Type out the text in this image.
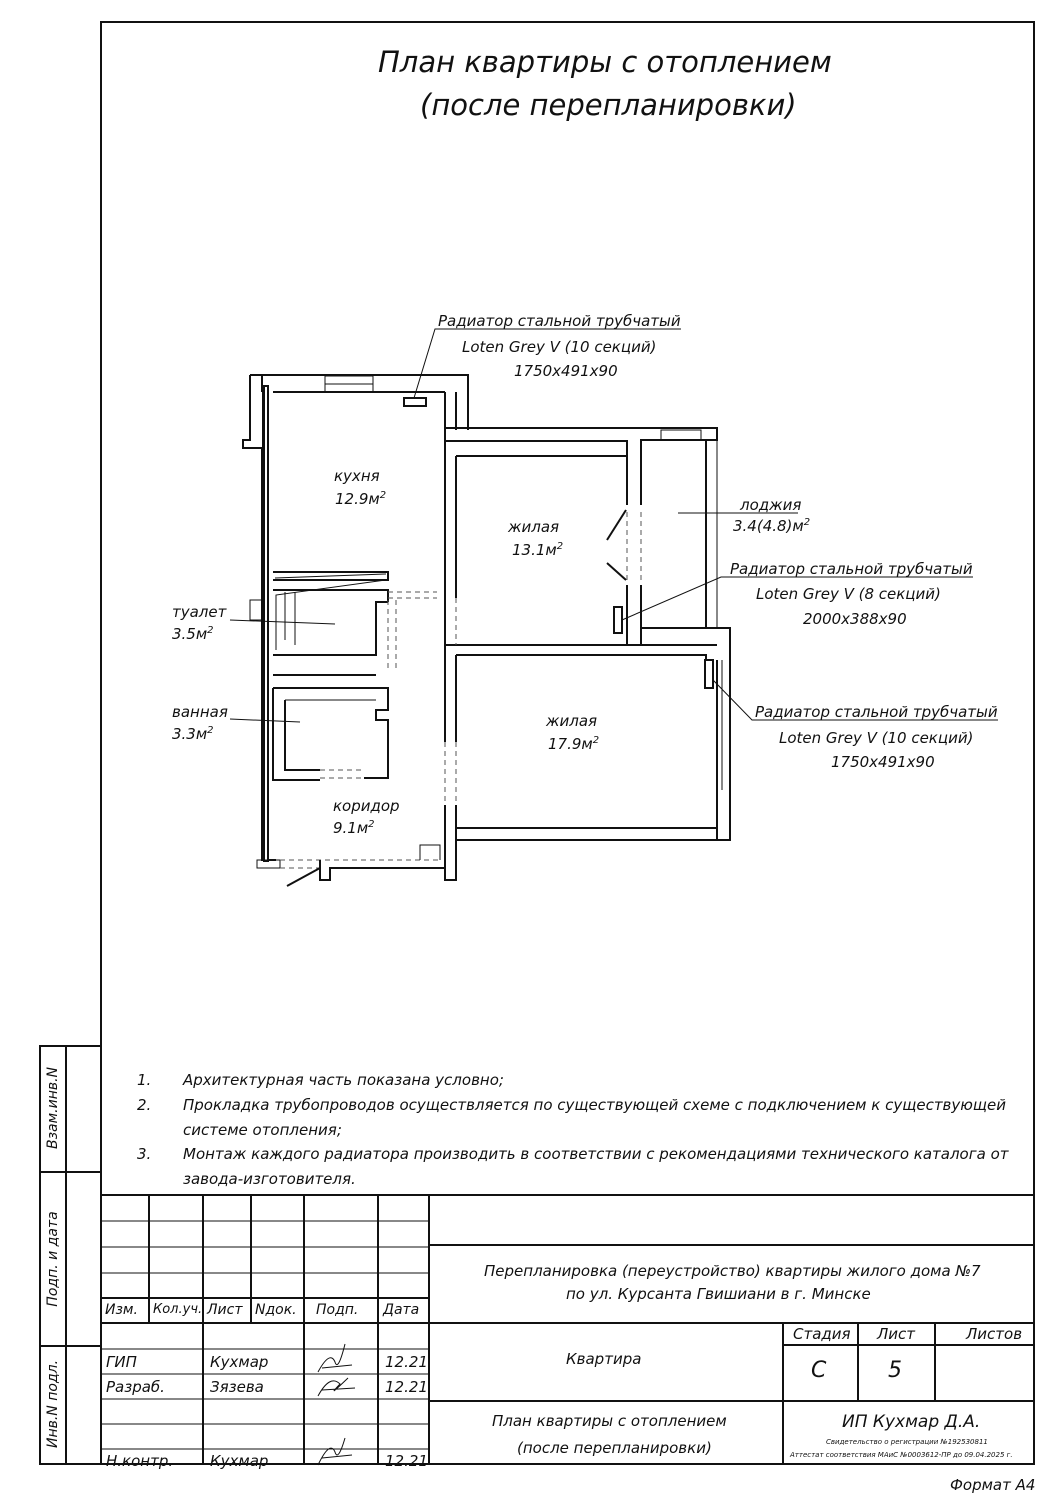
План квартиры с отоплением
(после перепланировки)
кухня
$12.9м^2$
жилая
$13.1м^2$
лоджия
$3.4(4.8)м^2$
туалет
$3.5м^2$
ванная
$3.3м^2$
жилая
$17.9м^2$
коридор
$9.1м^2$
Радиатор стальной трубчатый
Loten Grey V (10 секций)
1750x491x90
Радиатор стальной трубчатый
Loten Grey V (8 секций)
2000x388x90
Радиатор стальной трубчатый
Loten Grey V (10 секций)
1750x491x90
1. Архитектурная часть показана условно;
2. Прокладка трубопроводов осуществляется по существующей схеме с подключением к существующей
системе отопления;
3. Монтаж каждого радиатора производить в соответствии с рекомендациями технического каталога от
завода-изготовителя.
Взам.инв.N
Подп. и дата
Инв.N подл.
Изм. Кол.уч. Лист Nдок. Подп. Дата
ГИП	Кухмар	12.21
Разраб.	Зязева	12.21
Н.контр. Кухмар	12.21
Перепланировка (переустройство) квартиры жилого дома №7
по ул. Курсанта Гвишиани в г. Минске
Квартира
Стадия Лист	Листов
С	5
План квартиры с отоплением
(после перепланировки)
ИП Кухмар Д.А.
Свидетельство о регистрации №192530811
Аттестат соответствия МАиС №0003612-ПР до 09.04.2025 г.
Формат А4
